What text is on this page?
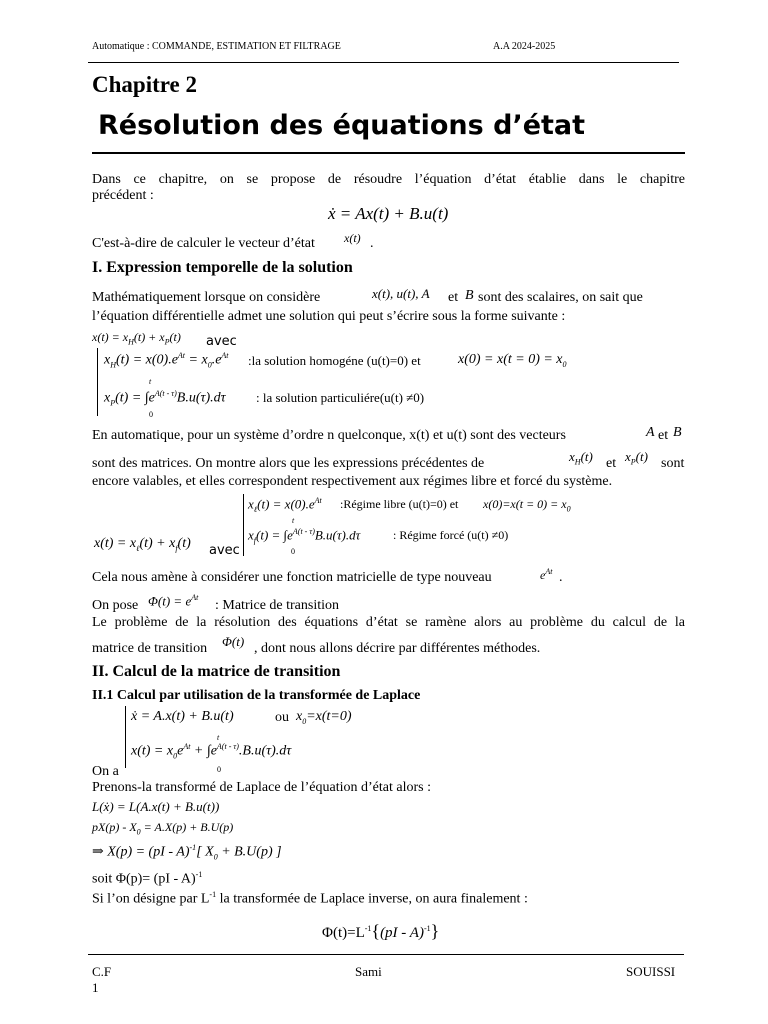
Automatique : COMMANDE, ESTIMATION ET FILTRAGE	A.A 2024-2025
Chapitre 2
Résolution des équations d’état
Dans ce chapitre, on se propose de résoudre l’équation d’état établie dans le chapitre
précédent :
ẋ = Ax(t) + B.u(t)
C'est-à-dire de calculer le vecteur d’état x(t) .
I. Expression temporelle de la solution
Mathématiquement lorsque on considère	x(t), u(t), A et B sont des scalaires, on sait que
l’équation différentielle admet une solution qui peut s’écrire sous la forme suivante :
$x(t) = x_H(t) + x_P(t)$ avec
$x_H(t) = x(0).e^{At} = x_0.e^{At}$ :la solution homogéne (u(t)=0) et	$x(0) = x(t = 0) = x_0$
$x_P(t) = \int e^{A(t - \tau)}B.u(\tau).d\tau$
t
0
: la solution particuliére(u(t) ≠0)
En automatique, pour un système d’ordre n quelconque, x(t) et u(t) sont des vecteurs	A et B
sont des matrices. On montre alors que les expressions précédentes de	$x_H(t)$ et $x_P(t)$ sont
encore valables, et elles correspondent respectivement aux régimes libre et forcé du système.
$x_\ell(t) = x(0).e^{At}$ :Régime libre (u(t)=0) et $x(0)=x(t = 0) = x_0$
$x_f(t) = \int e^{A(t - \tau)}B.u(\tau).d\tau$
t
0
: Régime forcé (u(t) ≠0)
$x(t) = x_\ell(t) + x_f(t)$ avec
Cela nous amène à considérer une fonction matricielle de type nouveau	$e^{At}$ .
On pose $\Phi(t) = e^{At}$
: Matrice de transition
Le problème de la résolution des équations d’état se ramène alors au problème du calcul de la
matrice de transition Φ(t) , dont nous allons décrire par différentes méthodes.
II. Calcul de la matrice de transition
II.1 Calcul par utilisation de la transformée de Laplace
ẋ = A.x(t) + B.u(t)	ou $x_0=x(t=0)$
$x(t) = x_0e^{At} + \int e^{A(t - \tau)}.B.u(\tau).d\tau$
t
0
On a
Prenons-la transformé de Laplace de l’équation d’état alors :
L(ẋ) = L(A.x(t) + B.u(t))
$pX(p) - X_0 = A.X(p) + B.U(p)$
⇒ X(p) = (pI - A)$^{-1}$[ $X_0 + B.U(p)$ ]
soit Φ(p)= (pI - A)$^{-1}$
Si l’on désigne par $L^{-1}$ la transformée de Laplace inverse, on aura finalement :
$\Phi(t)=L^{-1}\{(pI - A)^{-1}\}$
C.F
1
Sami	SOUISSI
